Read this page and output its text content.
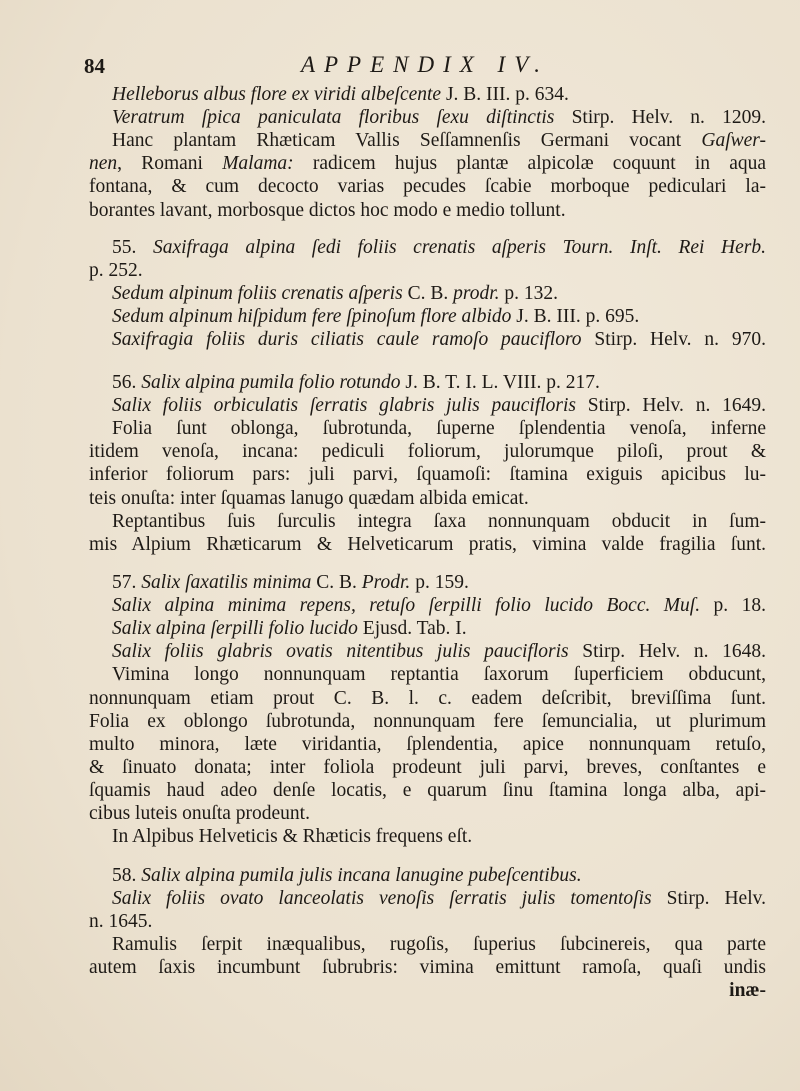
84	APPENDIX IV.
Helleborus albus flore ex viridi albeſcente J. B. III. p. 634.
Veratrum ſpica paniculata floribus ſexu diſtinctis Stirp. Helv. n. 1209.
Hanc plantam Rhæticam Vallis Seſſamnenſis Germani vocant Gaſwer-
nen, Romani Malama: radicem hujus plantæ alpicolæ coquunt in aqua
fontana, & cum decocto varias pecudes ſcabie morboque pediculari la-
borantes lavant, morbosque dictos hoc modo e medio tollunt.
55. Saxifraga alpina ſedi foliis crenatis aſperis Tourn. Inſt. Rei Herb.
p. 252.
Sedum alpinum foliis crenatis aſperis C. B. prodr. p. 132.
Sedum alpinum hiſpidum fere ſpinoſum flore albido J. B. III. p. 695.
Saxifragia foliis duris ciliatis caule ramoſo paucifloro Stirp. Helv. n. 970.
56. Salix alpina pumila folio rotundo J. B. T. I. L. VIII. p. 217.
Salix foliis orbiculatis ſerratis glabris julis paucifloris Stirp. Helv. n. 1649.
Folia ſunt oblonga, ſubrotunda, ſuperne ſplendentia venoſa, inferne
itidem venoſa, incana: pediculi foliorum, julorumque piloſi, prout &
inferior foliorum pars: juli parvi, ſquamoſi: ſtamina exiguis apicibus lu-
teis onuſta: inter ſquamas lanugo quædam albida emicat.
Reptantibus ſuis ſurculis integra ſaxa nonnunquam obducit in ſum-
mis Alpium Rhæticarum & Helveticarum pratis, vimina valde fragilia ſunt.
57. Salix ſaxatilis minima C. B. Prodr. p. 159.
Salix alpina minima repens, retuſo ſerpilli folio lucido Bocc. Muſ. p. 18.
Salix alpina ſerpilli folio lucido Ejusd. Tab. I.
Salix foliis glabris ovatis nitentibus julis paucifloris Stirp. Helv. n. 1648.
Vimina longo nonnunquam reptantia ſaxorum ſuperficiem obducunt,
nonnunquam etiam prout C. B. l. c. eadem deſcribit, breviſſima ſunt.
Folia ex oblongo ſubrotunda, nonnunquam fere ſemuncialia, ut plurimum
multo minora, læte viridantia, ſplendentia, apice nonnunquam retuſo,
& ſinuato donata; inter foliola prodeunt juli parvi, breves, conſtantes e
ſquamis haud adeo denſe locatis, e quarum ſinu ſtamina longa alba, api-
cibus luteis onuſta prodeunt.
In Alpibus Helveticis & Rhæticis frequens eſt.
58. Salix alpina pumila julis incana lanugine pubeſcentibus.
Salix foliis ovato lanceolatis venoſis ſerratis julis tomentoſis Stirp. Helv.
n. 1645.
Ramulis ſerpit inæqualibus, rugoſis, ſuperius ſubcinereis, qua parte
autem ſaxis incumbunt ſubrubris: vimina emittunt ramoſa, quaſi undis
inæ-
